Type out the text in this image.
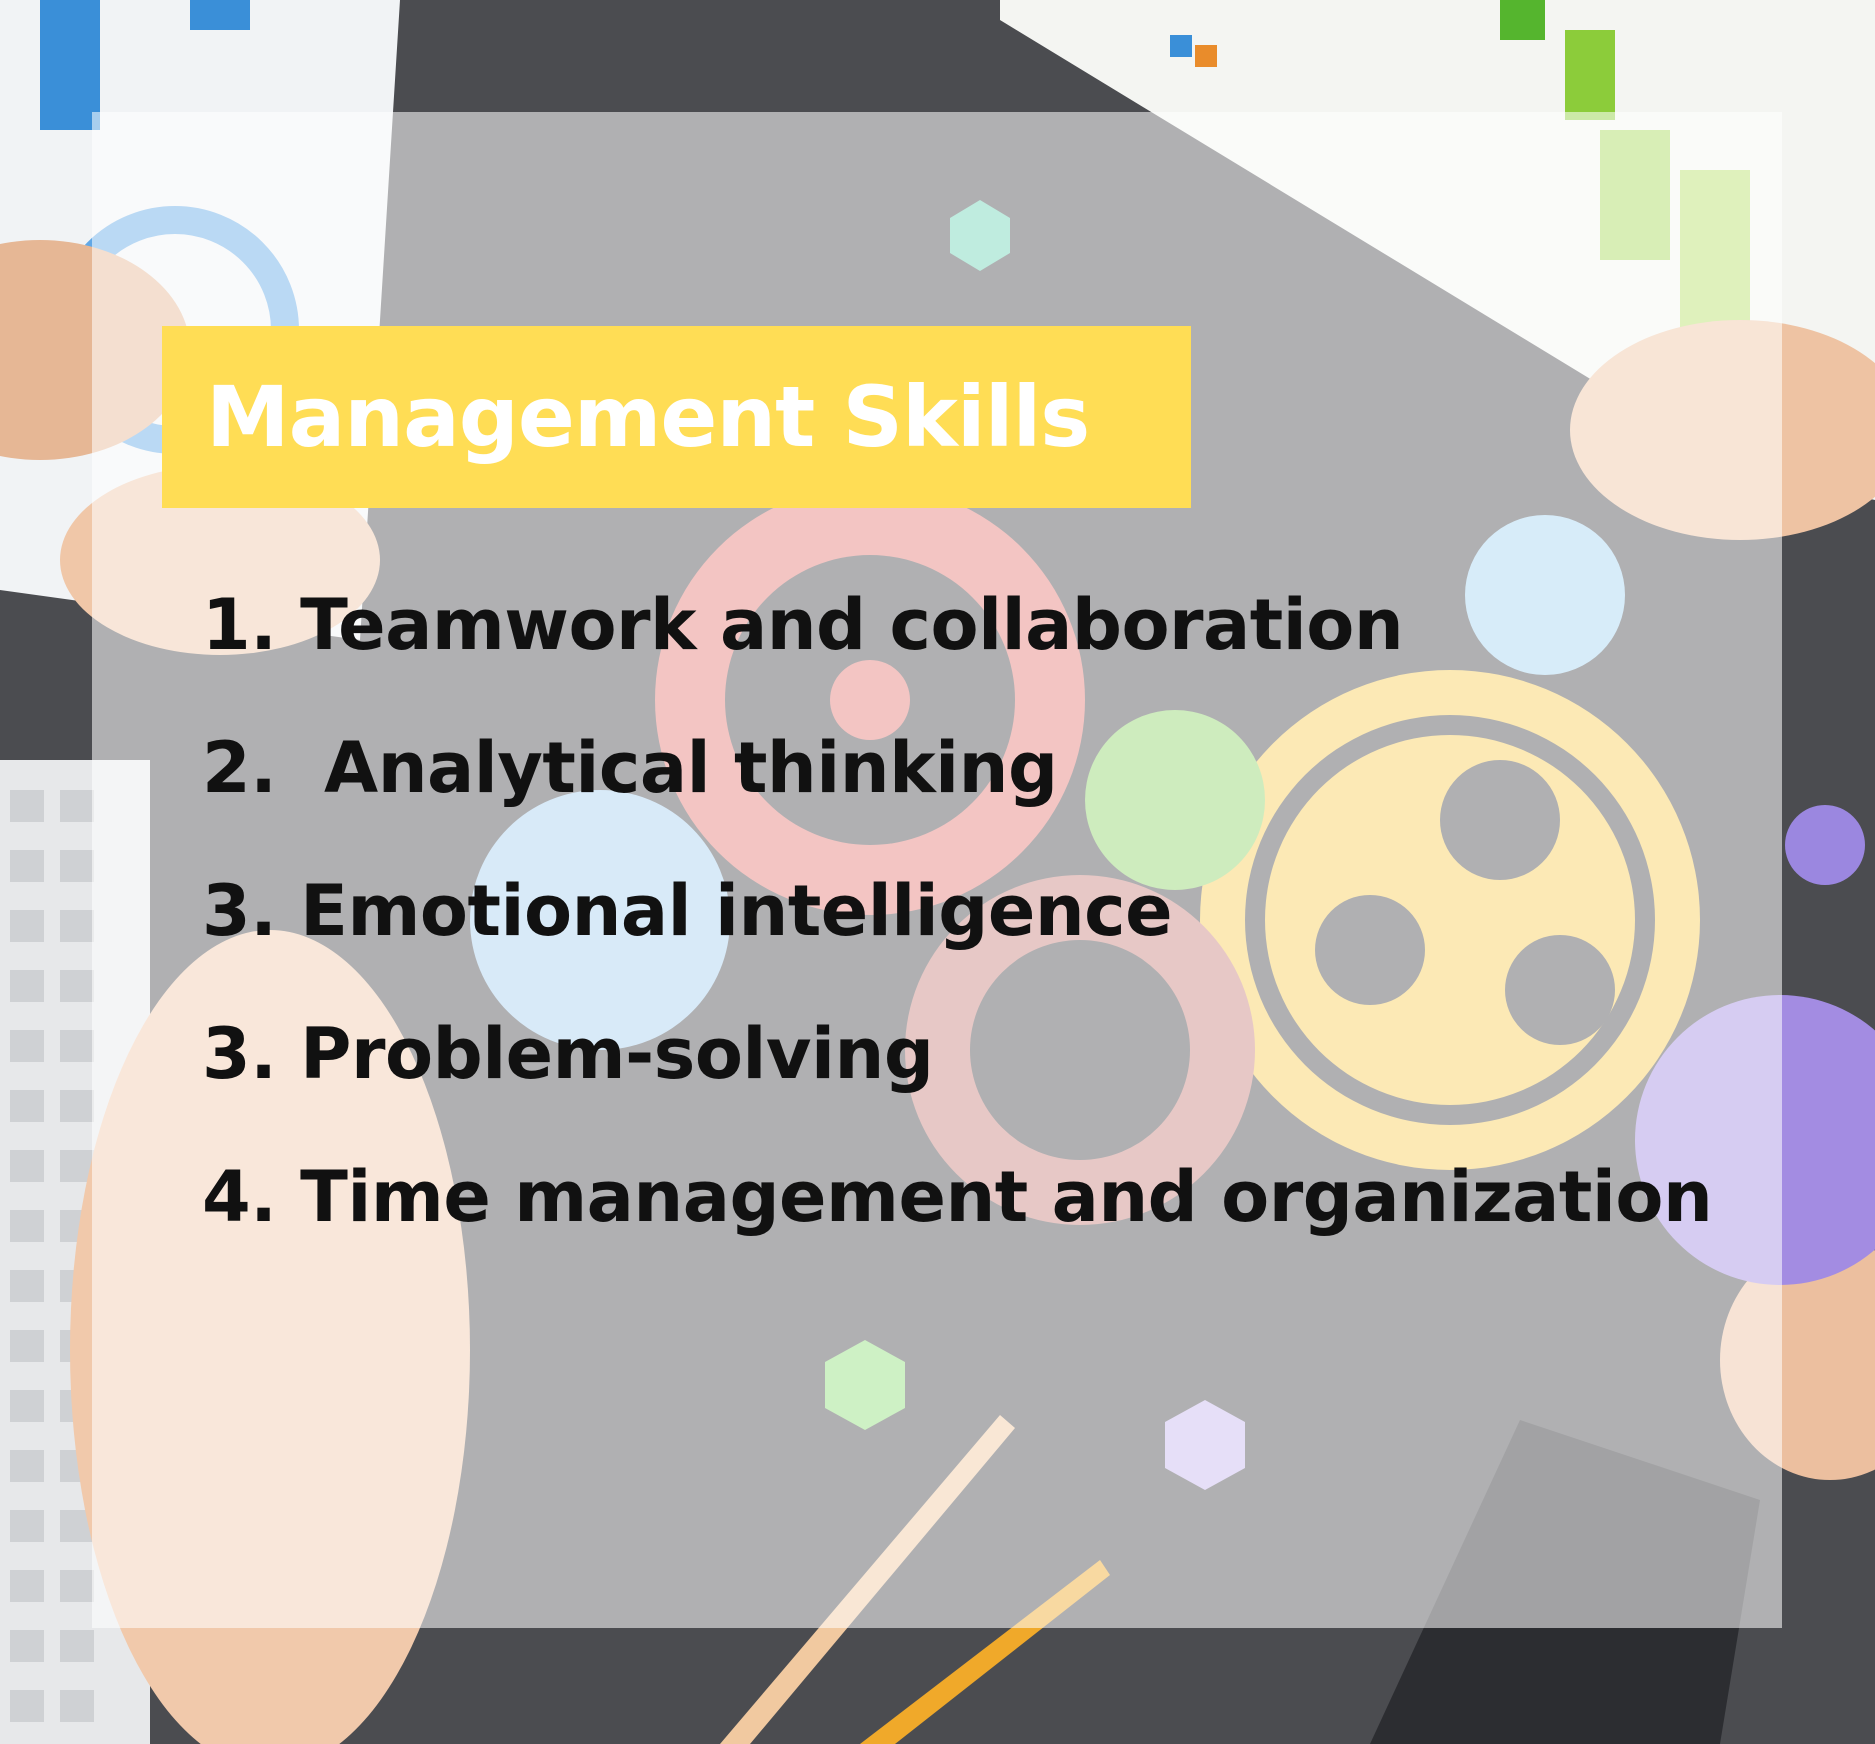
Management Skills
1. Teamwork and collaboration
2.  Analytical thinking
3. Emotional intelligence
3. Problem-solving
4. Time management and organization
